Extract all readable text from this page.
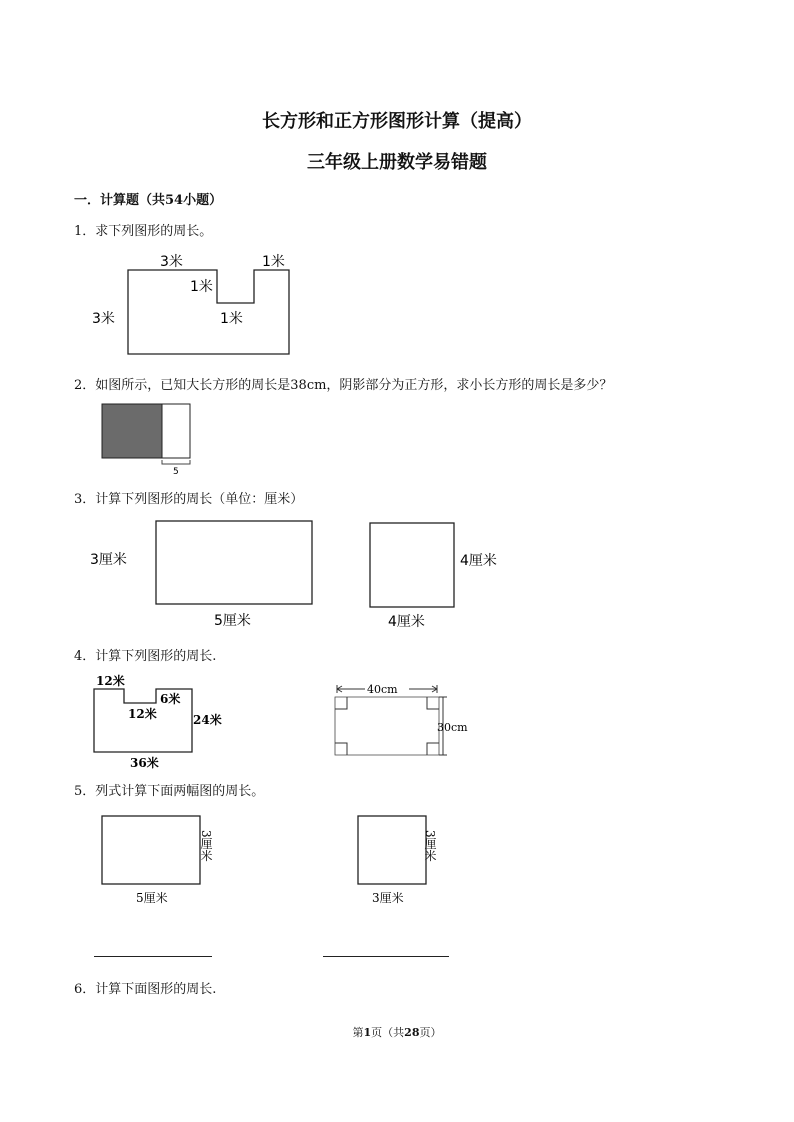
长方形和正方形图形计算（提高）
三年级上册数学易错题
一．计算题（共54小题）
1．求下列图形的周长。
3米	1米
1米
1米
3米
2．如图所示，已知大长方形的周长是38cm，阴影部分为正方形，求小长方形的周长是多少？
5
3．计算下列图形的周长（单位：厘米）
3厘米
5厘米
4厘米
4厘米
4．计算下列图形的周长.
12米
12米
6米
24米
36米
40cm
30cm
5．列式计算下面两幅图的周长。
3厘米
5厘米
3厘米
3厘米
6．计算下面图形的周长.
第1页（共28页）
